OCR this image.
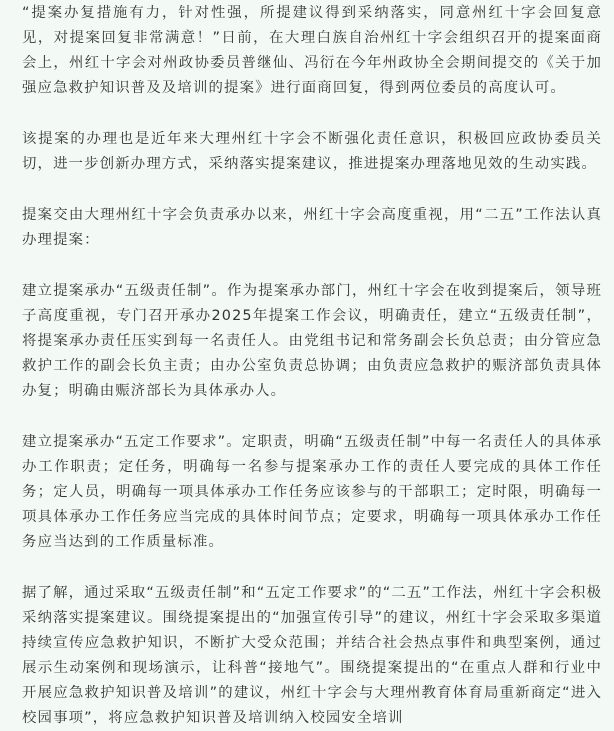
“提案办复措施有力，针对性强，所提建议得到采纳落实，同意州红十字会回复意见，对提案回复非常满意！”日前，在大理白族自治州红十字会组织召开的提案面商会上，州红十字会对州政协委员普继仙、冯衍在今年州政协全会期间提交的《关于加强应急救护知识普及及培训的提案》进行面商回复，得到两位委员的高度认可。

该提案的办理也是近年来大理州红十字会不断强化责任意识，积极回应政协委员关切，进一步创新办理方式，采纳落实提案建议，推进提案办理落地见效的生动实践。

提案交由大理州红十字会负责承办以来，州红十字会高度重视，用“二五”工作法认真办理提案：

建立提案承办“五级责任制”。作为提案承办部门，州红十字会在收到提案后，领导班子高度重视，专门召开承办2025年提案工作会议，明确责任，建立“五级责任制”，将提案承办责任压实到每一名责任人。由党组书记和常务副会长负总责；由分管应急救护工作的副会长负主责；由办公室负责总协调；由负责应急救护的赈济部负责具体办复；明确由赈济部长为具体承办人。

建立提案承办“五定工作要求”。定职责，明确“五级责任制”中每一名责任人的具体承办工作职责；定任务，明确每一名参与提案承办工作的责任人要完成的具体工作任务；定人员，明确每一项具体承办工作任务应该参与的干部职工；定时限，明确每一项具体承办工作任务应当完成的具体时间节点；定要求，明确每一项具体承办工作任务应当达到的工作质量标准。

据了解，通过采取“五级责任制”和“五定工作要求”的“二五”工作法，州红十字会积极采纳落实提案建议。围绕提案提出的“加强宣传引导”的建议，州红十字会采取多渠道持续宣传应急救护知识，不断扩大受众范围；并结合社会热点事件和典型案例，通过展示生动案例和现场演示，让科普“接地气”。围绕提案提出的“在重点人群和行业中开展应急救护知识普及培训”的建议，州红十字会与大理州教育体育局重新商定“进入校园事项”，将应急救护知识普及培训纳入校园安全培训
